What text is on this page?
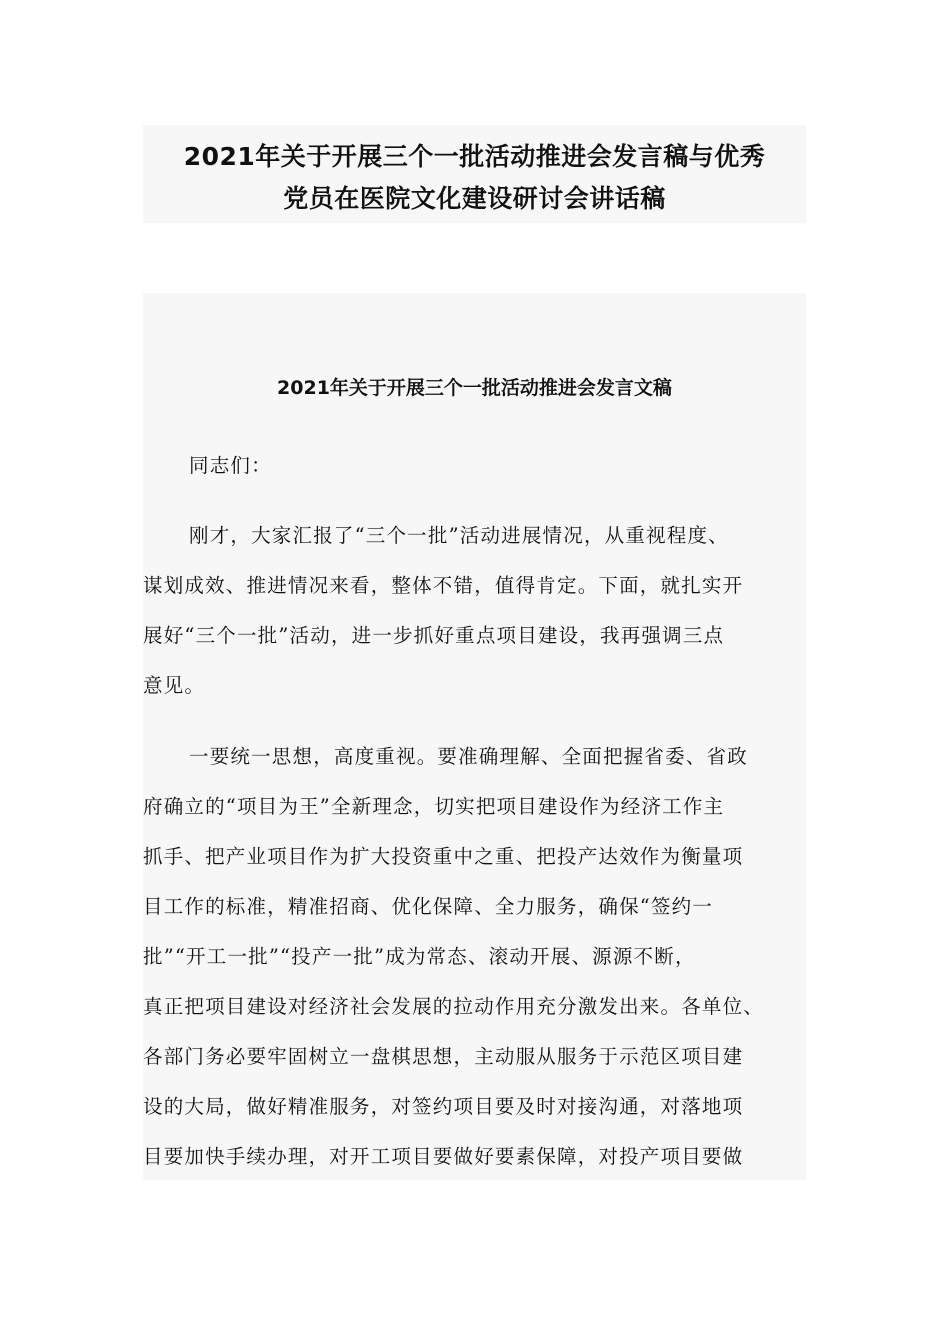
2021年关于开展三个一批活动推进会发言稿与优秀
党员在医院文化建设研讨会讲话稿
2021年关于开展三个一批活动推进会发言文稿
同志们：
刚才，大家汇报了“三个一批”活动进展情况，从重视程度、
谋划成效、推进情况来看，整体不错，值得肯定。下面，就扎实开
展好“三个一批”活动，进一步抓好重点项目建设，我再强调三点
意见。
一要统一思想，高度重视。要准确理解、全面把握省委、省政
府确立的“项目为王”全新理念，切实把项目建设作为经济工作主
抓手、把产业项目作为扩大投资重中之重、把投产达效作为衡量项
目工作的标准，精准招商、优化保障、全力服务，确保“签约一
批”“开工一批”“投产一批”成为常态、滚动开展、源源不断，
真正把项目建设对经济社会发展的拉动作用充分激发出来。各单位、
各部门务必要牢固树立一盘棋思想，主动服从服务于示范区项目建
设的大局，做好精准服务，对签约项目要及时对接沟通，对落地项
目要加快手续办理，对开工项目要做好要素保障，对投产项目要做
